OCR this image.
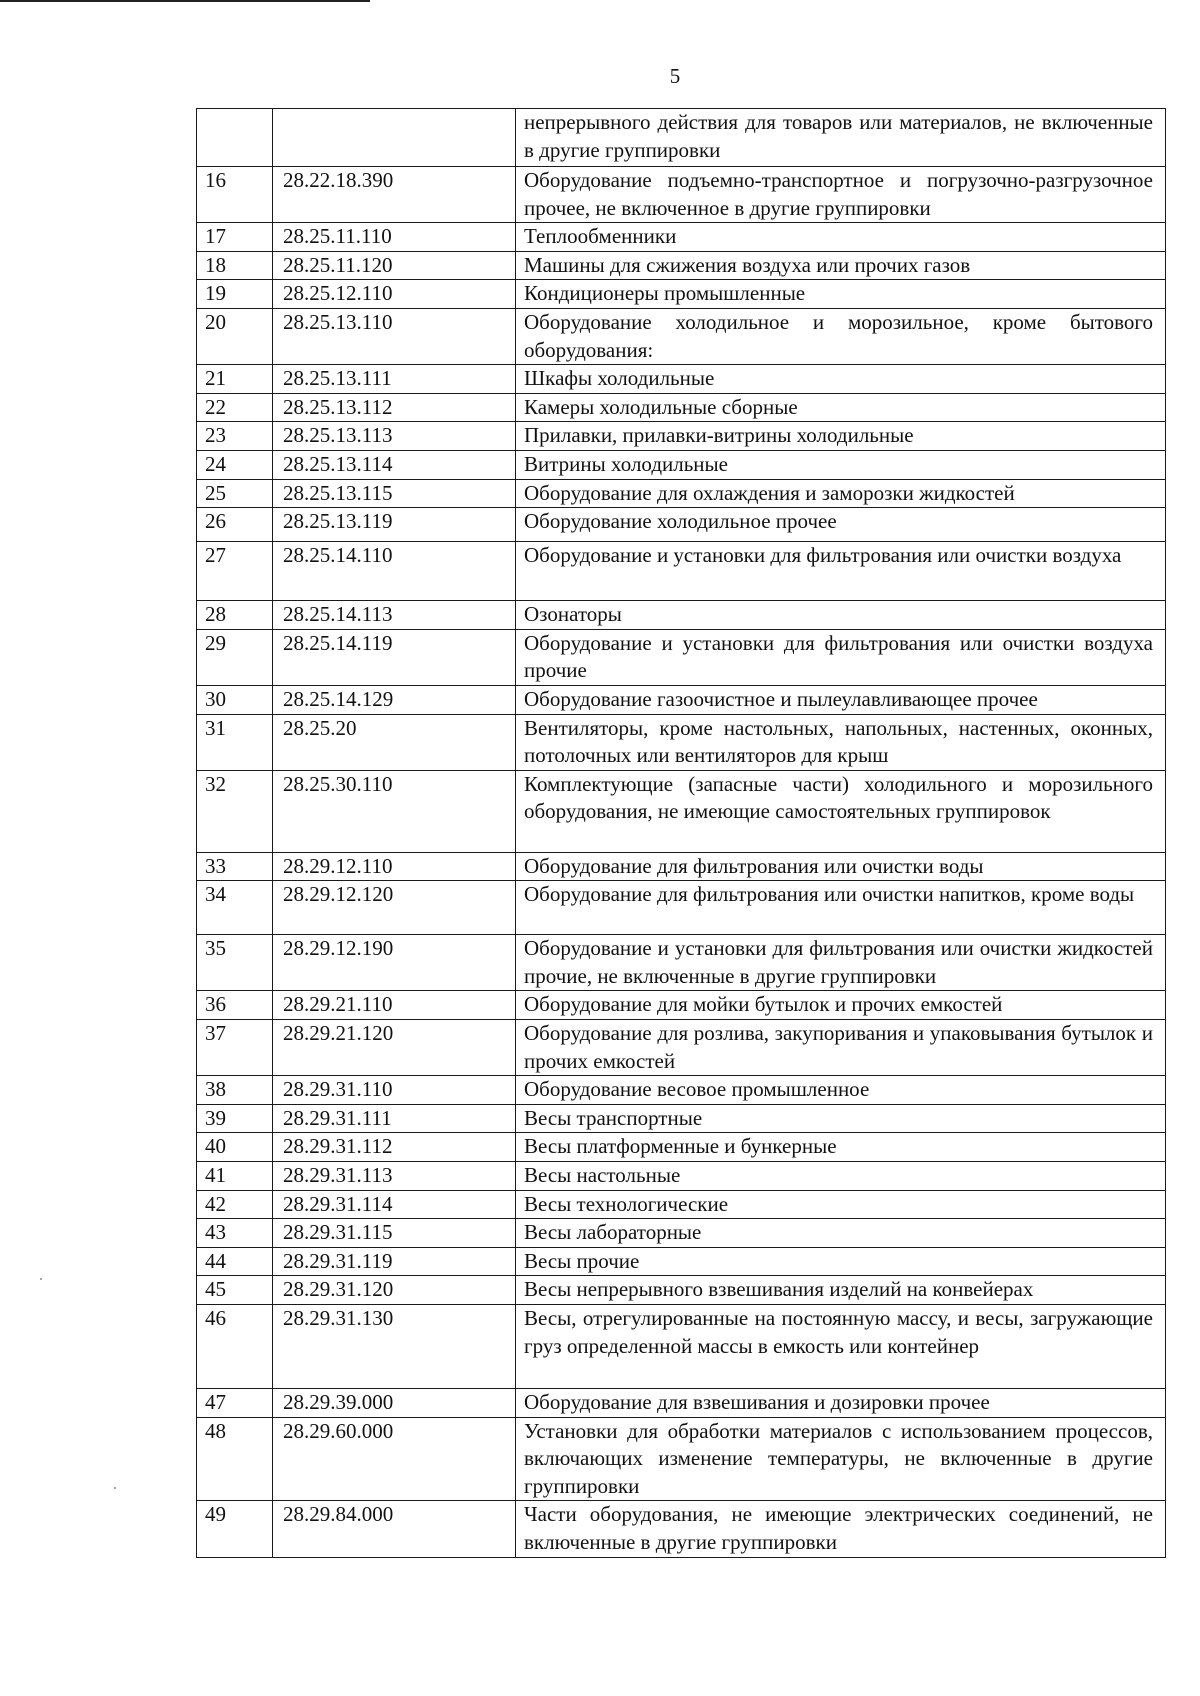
5
		непрерывного действия для товаров или материалов, не включенные в другие группировки
16	28.22.18.390	Оборудование подъемно-транспортное и погрузочно-разгрузочное прочее, не включенное в другие группировки
17	28.25.11.110	Теплообменники
18	28.25.11.120	Машины для сжижения воздуха или прочих газов
19	28.25.12.110	Кондиционеры промышленные
20	28.25.13.110	Оборудование холодильное и морозильное, кроме бытового оборудования:
21	28.25.13.111	Шкафы холодильные
22	28.25.13.112	Камеры холодильные сборные
23	28.25.13.113	Прилавки, прилавки-витрины холодильные
24	28.25.13.114	Витрины холодильные
25	28.25.13.115	Оборудование для охлаждения и заморозки жидкостей
26	28.25.13.119	Оборудование холодильное прочее
27	28.25.14.110	Оборудование и установки для фильтрования или очистки воздуха
28	28.25.14.113	Озонаторы
29	28.25.14.119	Оборудование и установки для фильтрования или очистки воздуха прочие
30	28.25.14.129	Оборудование газоочистное и пылеулавливающее прочее
31	28.25.20	Вентиляторы, кроме настольных, напольных, настенных, оконных, потолочных или вентиляторов для крыш
32	28.25.30.110	Комплектующие (запасные части) холодильного и морозильного оборудования, не имеющие самостоятельных группировок
33	28.29.12.110	Оборудование для фильтрования или очистки воды
34	28.29.12.120	Оборудование для фильтрования или очистки напитков, кроме воды
35	28.29.12.190	Оборудование и установки для фильтрования или очистки жидкостей прочие, не включенные в другие группировки
36	28.29.21.110	Оборудование для мойки бутылок и прочих емкостей
37	28.29.21.120	Оборудование для розлива, закупоривания и упаковывания бутылок и прочих емкостей
38	28.29.31.110	Оборудование весовое промышленное
39	28.29.31.111	Весы транспортные
40	28.29.31.112	Весы платформенные и бункерные
41	28.29.31.113	Весы настольные
42	28.29.31.114	Весы технологические
43	28.29.31.115	Весы лабораторные
44	28.29.31.119	Весы прочие
45	28.29.31.120	Весы непрерывного взвешивания изделий на конвейерах
46	28.29.31.130	Весы, отрегулированные на постоянную массу, и весы, загружающие груз определенной массы в емкость или контейнер
47	28.29.39.000	Оборудование для взвешивания и дозировки прочее
48	28.29.60.000	Установки для обработки материалов с использованием процессов, включающих изменение температуры, не включенные в другие группировки
49	28.29.84.000	Части оборудования, не имеющие электрических соединений, не включенные в другие группировки
